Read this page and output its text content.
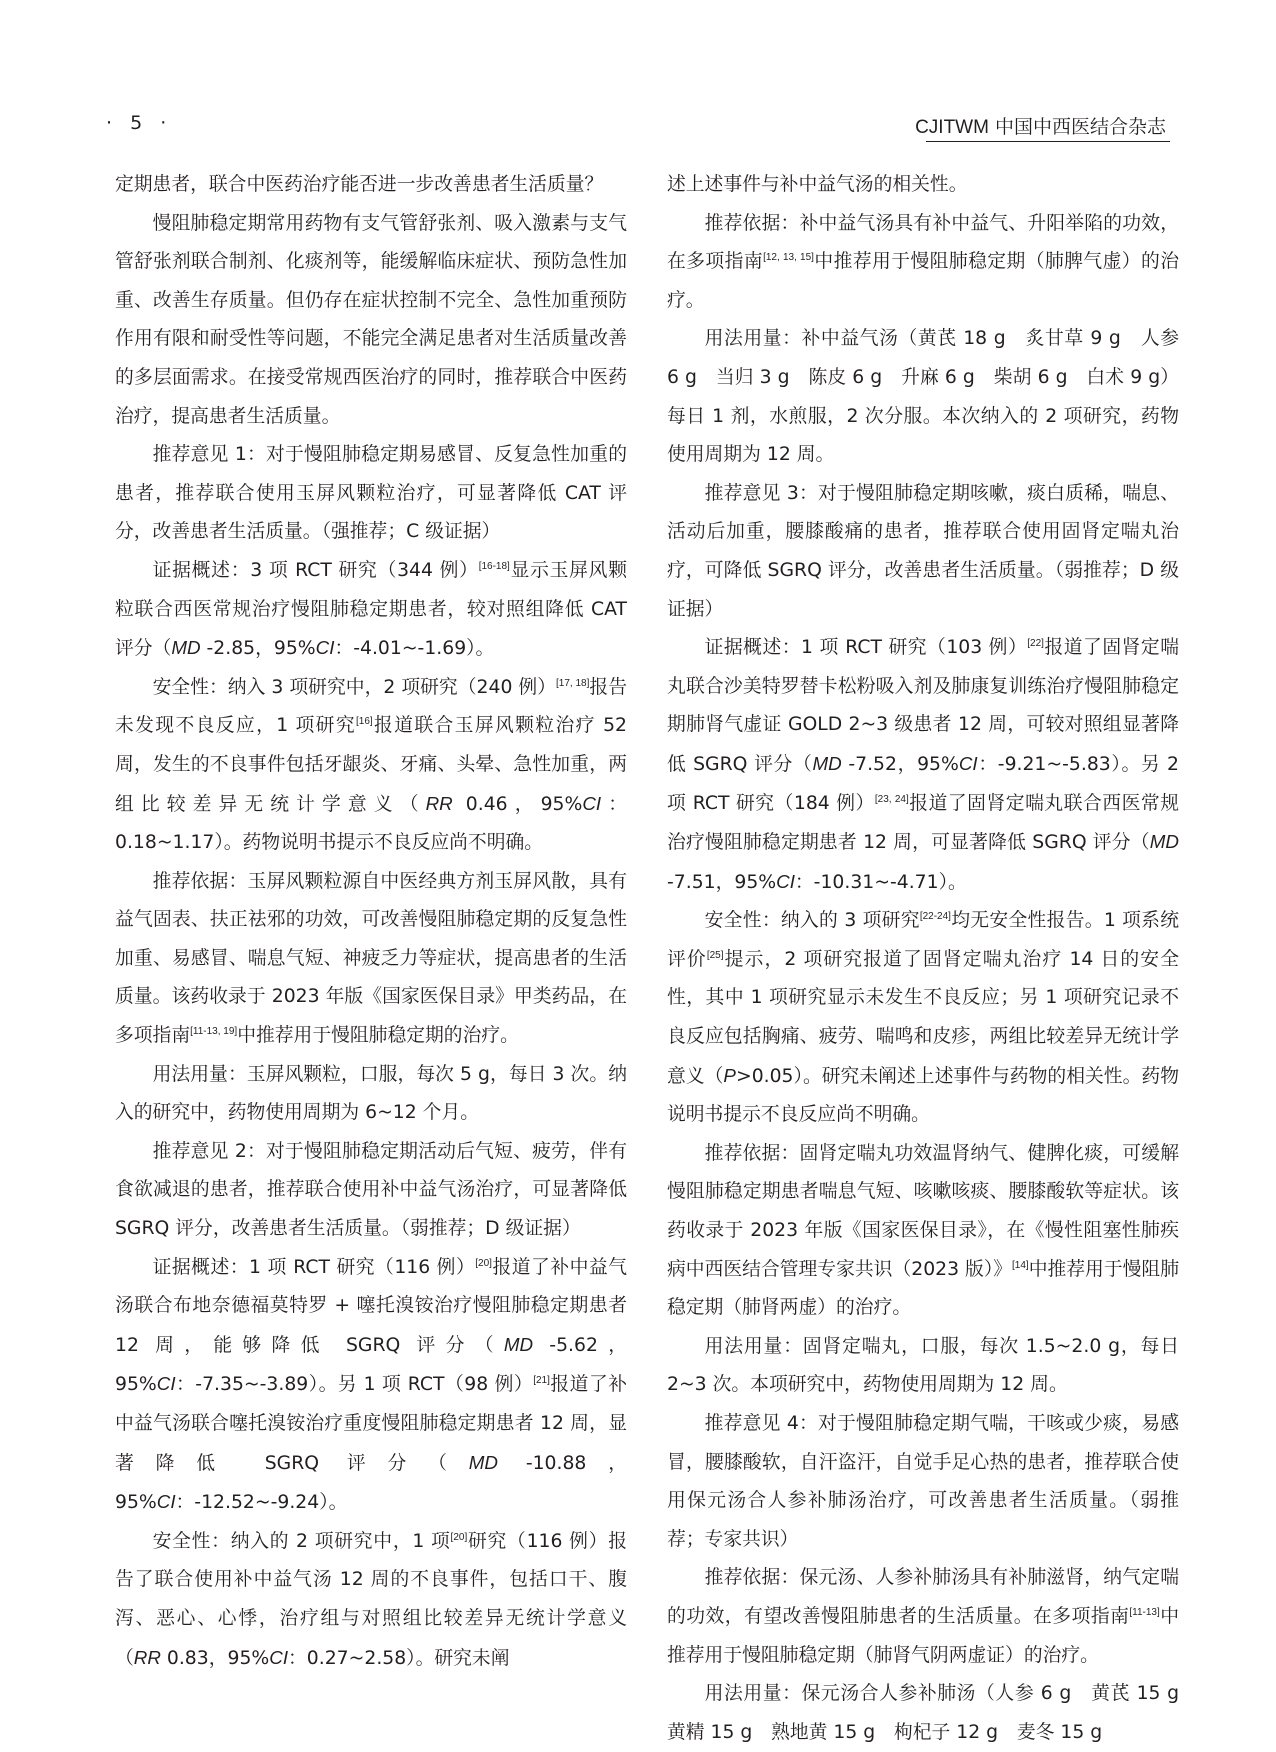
· 5 ·	CJITWM 中国中西医结合杂志

定期患者，联合中医药治疗能否进一步改善患者生活质量？

慢阻肺稳定期常用药物有支气管舒张剂、吸入激素与支气管舒张剂联合制剂、化痰剂等，能缓解临床症状、预防急性加重、改善生存质量。但仍存在症状控制不完全、急性加重预防作用有限和耐受性等问题，不能完全满足患者对生活质量改善的多层面需求。在接受常规西医治疗的同时，推荐联合中医药治疗，提高患者生活质量。

推荐意见 1：对于慢阻肺稳定期易感冒、反复急性加重的患者，推荐联合使用玉屏风颗粒治疗，可显著降低 CAT 评分，改善患者生活质量。（强推荐；C 级证据）

证据概述：3 项 RCT 研究（344 例）[16-18]显示玉屏风颗粒联合西医常规治疗慢阻肺稳定期患者，较对照组降低 CAT 评分（MD -2.85，95%CI：-4.01~-1.69）。

安全性：纳入 3 项研究中，2 项研究（240 例）[17, 18]报告未发现不良反应，1 项研究[16]报道联合玉屏风颗粒治疗 52 周，发生的不良事件包括牙龈炎、牙痛、头晕、急性加重，两组比较差异无统计学意义（RR 0.46，95%CI：0.18~1.17）。药物说明书提示不良反应尚不明确。

推荐依据：玉屏风颗粒源自中医经典方剂玉屏风散，具有益气固表、扶正祛邪的功效，可改善慢阻肺稳定期的反复急性加重、易感冒、喘息气短、神疲乏力等症状，提高患者的生活质量。该药收录于 2023 年版《国家医保目录》甲类药品，在多项指南[11-13, 19]中推荐用于慢阻肺稳定期的治疗。

用法用量：玉屏风颗粒，口服，每次 5 g，每日 3 次。纳入的研究中，药物使用周期为 6~12 个月。

推荐意见 2：对于慢阻肺稳定期活动后气短、疲劳，伴有食欲减退的患者，推荐联合使用补中益气汤治疗，可显著降低 SGRQ 评分，改善患者生活质量。（弱推荐；D 级证据）

证据概述：1 项 RCT 研究（116 例）[20]报道了补中益气汤联合布地奈德福莫特罗 + 噻托溴铵治疗慢阻肺稳定期患者 12 周，能够降低 SGRQ 评分（MD -5.62，95%CI：-7.35~-3.89）。另 1 项 RCT（98 例）[21]报道了补中益气汤联合噻托溴铵治疗重度慢阻肺稳定期患者 12 周，显著降低 SGRQ 评分（MD -10.88，95%CI：-12.52~-9.24）。

安全性：纳入的 2 项研究中，1 项[20]研究（116 例）报告了联合使用补中益气汤 12 周的不良事件，包括口干、腹泻、恶心、心悸，治疗组与对照组比较差异无统计学意义（RR 0.83，95%CI：0.27~2.58）。研究未阐

述上述事件与补中益气汤的相关性。

推荐依据：补中益气汤具有补中益气、升阳举陷的功效，在多项指南[12, 13, 15]中推荐用于慢阻肺稳定期（肺脾气虚）的治疗。

用法用量：补中益气汤（黄芪 18 g　炙甘草 9 g　人参 6 g　当归 3 g　陈皮 6 g　升麻 6 g　柴胡 6 g　白术 9 g）每日 1 剂，水煎服，2 次分服。本次纳入的 2 项研究，药物使用周期为 12 周。

推荐意见 3：对于慢阻肺稳定期咳嗽，痰白质稀，喘息、活动后加重，腰膝酸痛的患者，推荐联合使用固肾定喘丸治疗，可降低 SGRQ 评分，改善患者生活质量。（弱推荐；D 级证据）

证据概述：1 项 RCT 研究（103 例）[22]报道了固肾定喘丸联合沙美特罗替卡松粉吸入剂及肺康复训练治疗慢阻肺稳定期肺肾气虚证 GOLD 2~3 级患者 12 周，可较对照组显著降低 SGRQ 评分（MD -7.52，95%CI：-9.21~-5.83）。另 2 项 RCT 研究（184 例）[23, 24]报道了固肾定喘丸联合西医常规治疗慢阻肺稳定期患者 12 周，可显著降低 SGRQ 评分（MD -7.51，95%CI：-10.31~-4.71）。

安全性：纳入的 3 项研究[22-24]均无安全性报告。1 项系统评价[25]提示，2 项研究报道了固肾定喘丸治疗 14 日的安全性，其中 1 项研究显示未发生不良反应；另 1 项研究记录不良反应包括胸痛、疲劳、喘鸣和皮疹，两组比较差异无统计学意义（P>0.05）。研究未阐述上述事件与药物的相关性。药物说明书提示不良反应尚不明确。

推荐依据：固肾定喘丸功效温肾纳气、健脾化痰，可缓解慢阻肺稳定期患者喘息气短、咳嗽咳痰、腰膝酸软等症状。该药收录于 2023 年版《国家医保目录》，在《慢性阻塞性肺疾病中西医结合管理专家共识（2023 版）》[14]中推荐用于慢阻肺稳定期（肺肾两虚）的治疗。

用法用量：固肾定喘丸，口服，每次 1.5~2.0 g，每日 2~3 次。本项研究中，药物使用周期为 12 周。

推荐意见 4：对于慢阻肺稳定期气喘，干咳或少痰，易感冒，腰膝酸软，自汗盗汗，自觉手足心热的患者，推荐联合使用保元汤合人参补肺汤治疗，可改善患者生活质量。（弱推荐；专家共识）

推荐依据：保元汤、人参补肺汤具有补肺滋肾，纳气定喘的功效，有望改善慢阻肺患者的生活质量。在多项指南[11-13]中推荐用于慢阻肺稳定期（肺肾气阴两虚证）的治疗。

用法用量：保元汤合人参补肺汤（人参 6 g　黄芪 15 g　黄精 15 g　熟地黄 15 g　枸杞子 12 g　麦冬 15 g
